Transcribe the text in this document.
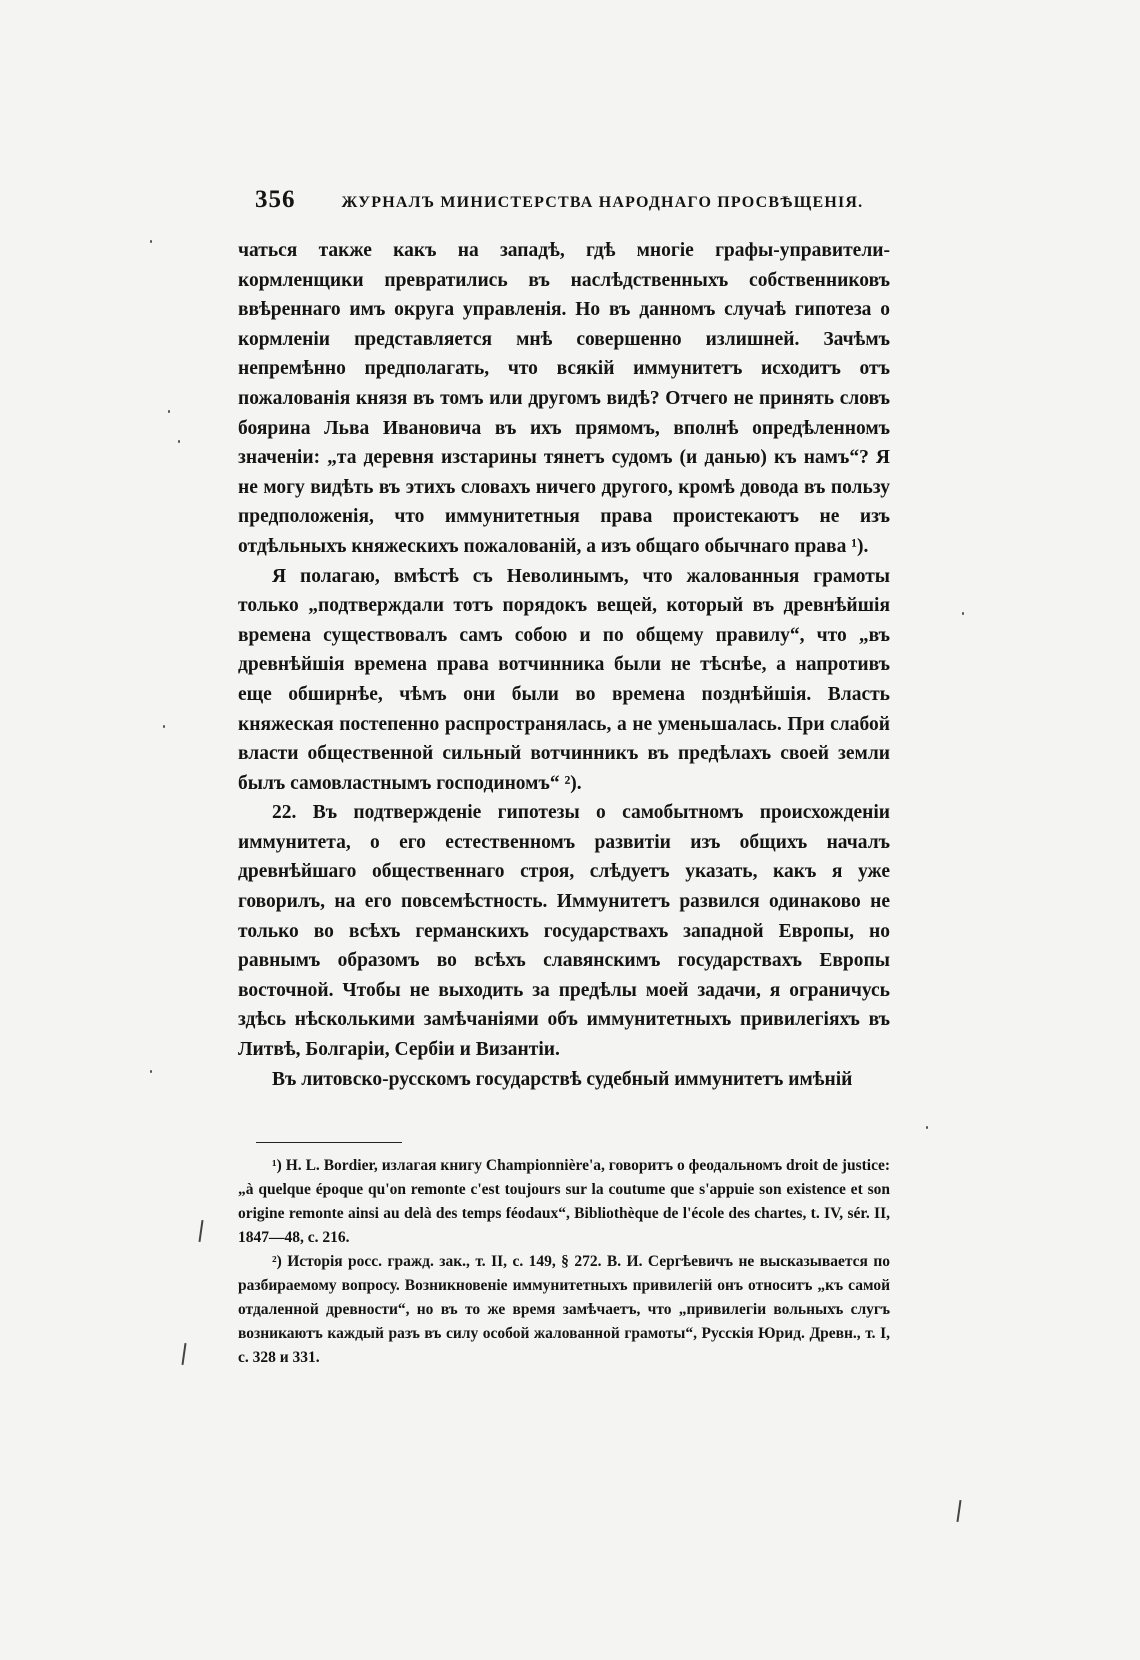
356	ЖУРНАЛЪ МИНИСТЕРСТВА НАРОДНАГО ПРОСВѢЩЕНІЯ.

чаться также какъ на западѣ, гдѣ многіе графы-управители-кормленщики превратились въ наслѣдственныхъ собственниковъ ввѣреннаго имъ округа управленія. Но въ данномъ случаѣ гипотеза о кормленіи представляется мнѣ совершенно излишней. Зачѣмъ непремѣнно предполагать, что всякій иммунитетъ исходитъ отъ пожалованія князя въ томъ или другомъ видѣ? Отчего не принять словъ боярина Льва Ивановича въ ихъ прямомъ, вполнѣ опредѣленномъ значеніи: „та деревня изстарины тянетъ судомъ (и данью) къ намъ“? Я не могу видѣть въ этихъ словахъ ничего другого, кромѣ довода въ пользу предположенія, что иммунитетныя права проистекаютъ не изъ отдѣльныхъ княжескихъ пожалованій, а изъ общаго обычнаго права ¹).

Я полагаю, вмѣстѣ съ Неволинымъ, что жалованныя грамоты только „подтверждали тотъ порядокъ вещей, который въ древнѣйшія времена существовалъ самъ собою и по общему правилу“, что „въ древнѣйшія времена права вотчинника были не тѣснѣе, а напротивъ еще обширнѣе, чѣмъ они были во времена позднѣйшія. Власть княжеская постепенно распространялась, а не уменьшалась. При слабой власти общественной сильный вотчинникъ въ предѣлахъ своей земли былъ самовластнымъ господиномъ“ ²).

22. Въ подтвержденіе гипотезы о самобытномъ происхожденіи иммунитета, о его естественномъ развитіи изъ общихъ началъ древнѣйшаго общественнаго строя, слѣдуетъ указать, какъ я уже говорилъ, на его повсемѣстность. Иммунитетъ развился одинаково не только во всѣхъ германскихъ государствахъ западной Европы, но равнымъ образомъ во всѣхъ славянскимъ государствахъ Европы восточной. Чтобы не выходить за предѣлы моей задачи, я ограничусь здѣсь нѣсколькими замѣчаніями объ иммунитетныхъ привилегіяхъ въ Литвѣ, Болгаріи, Сербіи и Византіи.

Въ литовско-русскомъ государствѣ судебный иммунитетъ имѣній

¹) H. L. Bordier, излагая книгу Championnière'а, говоритъ о феодальномъ droit de justice: „à quelque époque qu'on remonte c'est toujours sur la coutume que s'appuie son existence et son origine remonte ainsi au delà des temps féodaux“, Bibliothèque de l'école des chartes, t. IV, sér. II, 1847—48, с. 216.

²) Исторія росс. гражд. зак., т. II, с. 149, § 272. В. И. Сергѣевичъ не высказывается по разбираемому вопросу. Возникновеніе иммунитетныхъ привилегій онъ относитъ „къ самой отдаленной древности“, но въ то же время замѣчаетъ, что „привилегіи вольныхъ слугъ возникаютъ каждый разъ въ силу особой жалованной грамоты“, Русскія Юрид. Древн., т. I, с. 328 и 331.
